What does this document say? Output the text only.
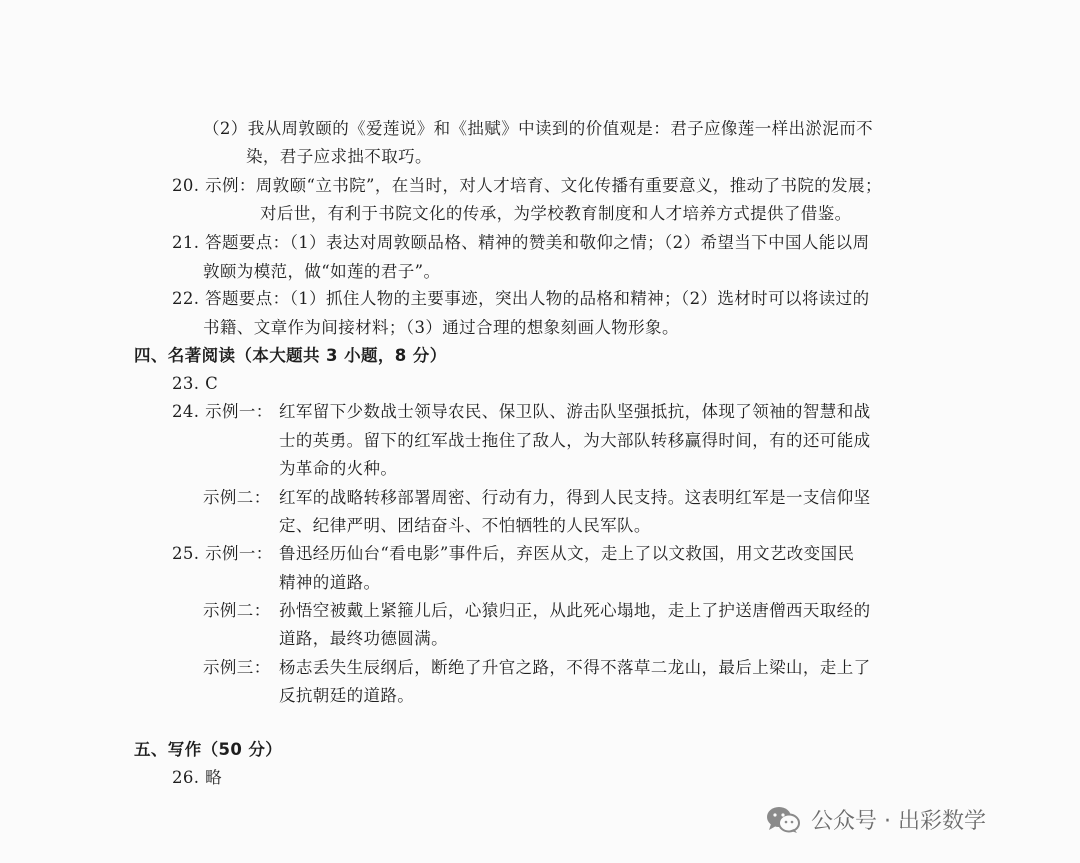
（2）我从周敦颐的《爱莲说》和《拙赋》中读到的价值观是：君子应像莲一样出淤泥而不
染，君子应求拙不取巧。
20. 示例：周敦颐“立书院”，在当时，对人才培育、文化传播有重要意义，推动了书院的发展；
对后世，有利于书院文化的传承，为学校教育制度和人才培养方式提供了借鉴。
21. 答题要点：（1）表达对周敦颐品格、精神的赞美和敬仰之情；（2）希望当下中国人能以周
敦颐为模范，做“如莲的君子”。
22. 答题要点：（1）抓住人物的主要事迹，突出人物的品格和精神；（2）选材时可以将读过的
书籍、文章作为间接材料；（3）通过合理的想象刻画人物形象。
四、名著阅读（本大题共 3 小题，8 分）
23. C
24. 示例一： 红军留下少数战士领导农民、保卫队、游击队坚强抵抗，体现了领袖的智慧和战
士的英勇。留下的红军战士拖住了敌人，为大部队转移赢得时间，有的还可能成
为革命的火种。
示例二： 红军的战略转移部署周密、行动有力，得到人民支持。这表明红军是一支信仰坚
定、纪律严明、团结奋斗、不怕牺牲的人民军队。
25. 示例一： 鲁迅经历仙台“看电影”事件后，弃医从文，走上了以文救国，用文艺改变国民
精神的道路。
示例二： 孙悟空被戴上紧箍儿后，心猿归正，从此死心塌地，走上了护送唐僧西天取经的
道路，最终功德圆满。
示例三： 杨志丢失生辰纲后，断绝了升官之路，不得不落草二龙山，最后上梁山，走上了
反抗朝廷的道路。
五、写作（50 分）
26. 略
公众号 · 出彩数学
